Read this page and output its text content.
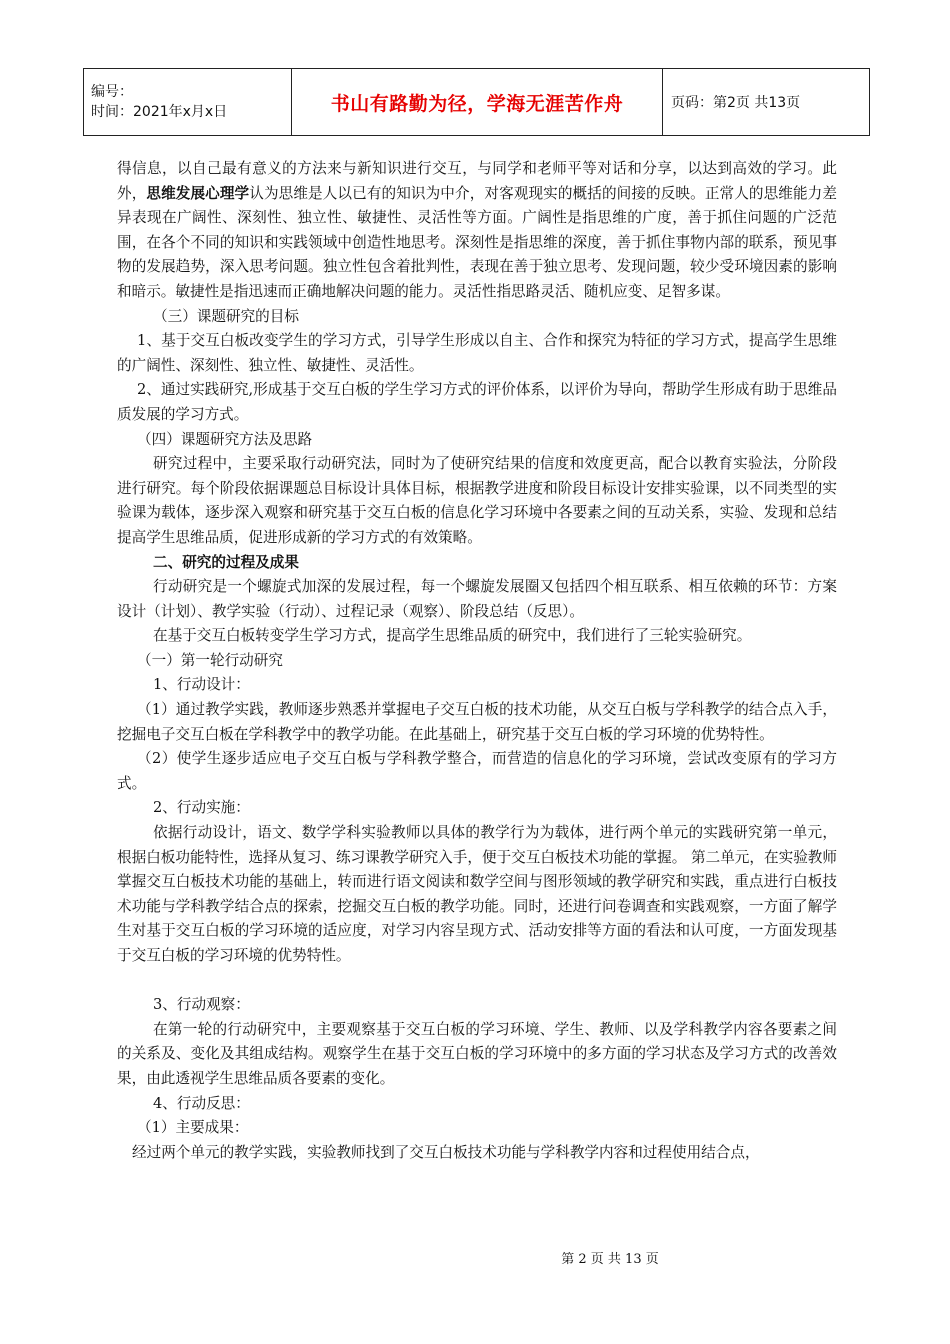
编号：
时间：2021年x月x日	书山有路勤为径，学海无涯苦作舟	页码：第2页 共13页

得信息，以自己最有意义的方法来与新知识进行交互，与同学和老师平等对话和分享，以达到高效的学习。此外，思维发展心理学认为思维是人以已有的知识为中介，对客观现实的概括的间接的反映。正常人的思维能力差异表现在广阔性、深刻性、独立性、敏捷性、灵活性等方面。广阔性是指思维的广度，善于抓住问题的广泛范围，在各个不同的知识和实践领域中创造性地思考。深刻性是指思维的深度，善于抓住事物内部的联系，预见事物的发展趋势，深入思考问题。独立性包含着批判性，表现在善于独立思考、发现问题，较少受环境因素的影响和暗示。敏捷性是指迅速而正确地解决问题的能力。灵活性指思路灵活、随机应变、足智多谋。

（三）课题研究的目标

1、基于交互白板改变学生的学习方式，引导学生形成以自主、合作和探究为特征的学习方式，提高学生思维的广阔性、深刻性、独立性、敏捷性、灵活性。

2、通过实践研究,形成基于交互白板的学生学习方式的评价体系，以评价为导向，帮助学生形成有助于思维品质发展的学习方式。

（四）课题研究方法及思路

研究过程中，主要采取行动研究法，同时为了使研究结果的信度和效度更高，配合以教育实验法，分阶段进行研究。每个阶段依据课题总目标设计具体目标，根据教学进度和阶段目标设计安排实验课，以不同类型的实验课为载体，逐步深入观察和研究基于交互白板的信息化学习环境中各要素之间的互动关系，实验、发现和总结提高学生思维品质，促进形成新的学习方式的有效策略。

二、研究的过程及成果

行动研究是一个螺旋式加深的发展过程，每一个螺旋发展圈又包括四个相互联系、相互依赖的环节：方案设计（计划）、教学实验（行动）、过程记录（观察）、阶段总结（反思）。

在基于交互白板转变学生学习方式，提高学生思维品质的研究中，我们进行了三轮实验研究。

（一）第一轮行动研究

1、行动设计：

（1）通过教学实践，教师逐步熟悉并掌握电子交互白板的技术功能，从交互白板与学科教学的结合点入手，挖掘电子交互白板在学科教学中的教学功能。在此基础上，研究基于交互白板的学习环境的优势特性。

（2）使学生逐步适应电子交互白板与学科教学整合，而营造的信息化的学习环境，尝试改变原有的学习方式。

2、行动实施：

依据行动设计，语文、数学学科实验教师以具体的教学行为为载体，进行两个单元的实践研究第一单元，根据白板功能特性，选择从复习、练习课教学研究入手，便于交互白板技术功能的掌握。 第二单元，在实验教师掌握交互白板技术功能的基础上，转而进行语文阅读和数学空间与图形领域的教学研究和实践，重点进行白板技术功能与学科教学结合点的探索，挖掘交互白板的教学功能。同时，还进行问卷调查和实践观察，一方面了解学生对基于交互白板的学习环境的适应度，对学习内容呈现方式、活动安排等方面的看法和认可度，一方面发现基于交互白板的学习环境的优势特性。

3、行动观察：

在第一轮的行动研究中，主要观察基于交互白板的学习环境、学生、教师、以及学科教学内容各要素之间的关系及、变化及其组成结构。观察学生在基于交互白板的学习环境中的多方面的学习状态及学习方式的改善效果，由此透视学生思维品质各要素的变化。

4、行动反思：

（1）主要成果：

经过两个单元的教学实践，实验教师找到了交互白板技术功能与学科教学内容和过程使用结合点，

第 2 页 共 13 页
